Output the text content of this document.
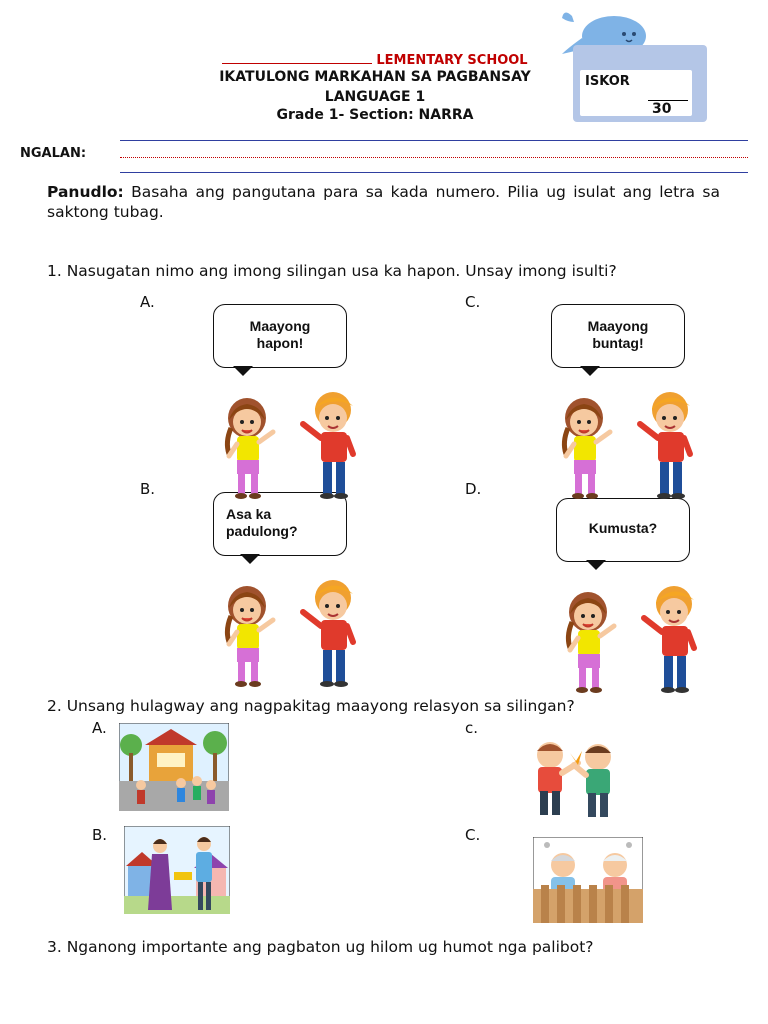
LEMENTARY SCHOOL
IKATULONG MARKAHAN SA PAGBANSAY
LANGUAGE 1
Grade 1- Section: NARRA
ISKOR
30
NGALAN:
Panudlo: Basaha ang pangutana para sa kada numero. Pilia ug isulat ang letra sa saktong tubag.
1. Nasugatan nimo ang imong silingan usa ka hapon. Unsay imong isulti?
A.	C.
B.	D.
Maayong
hapon!
Maayong
buntag!
Asa ka
padulong?	Kumusta?
2. Unsang hulagway ang nagpakitag maayong relasyon sa silingan?
A.	c.
B.	C.
3. Nganong importante ang pagbaton ug hilom ug humot nga palibot?
